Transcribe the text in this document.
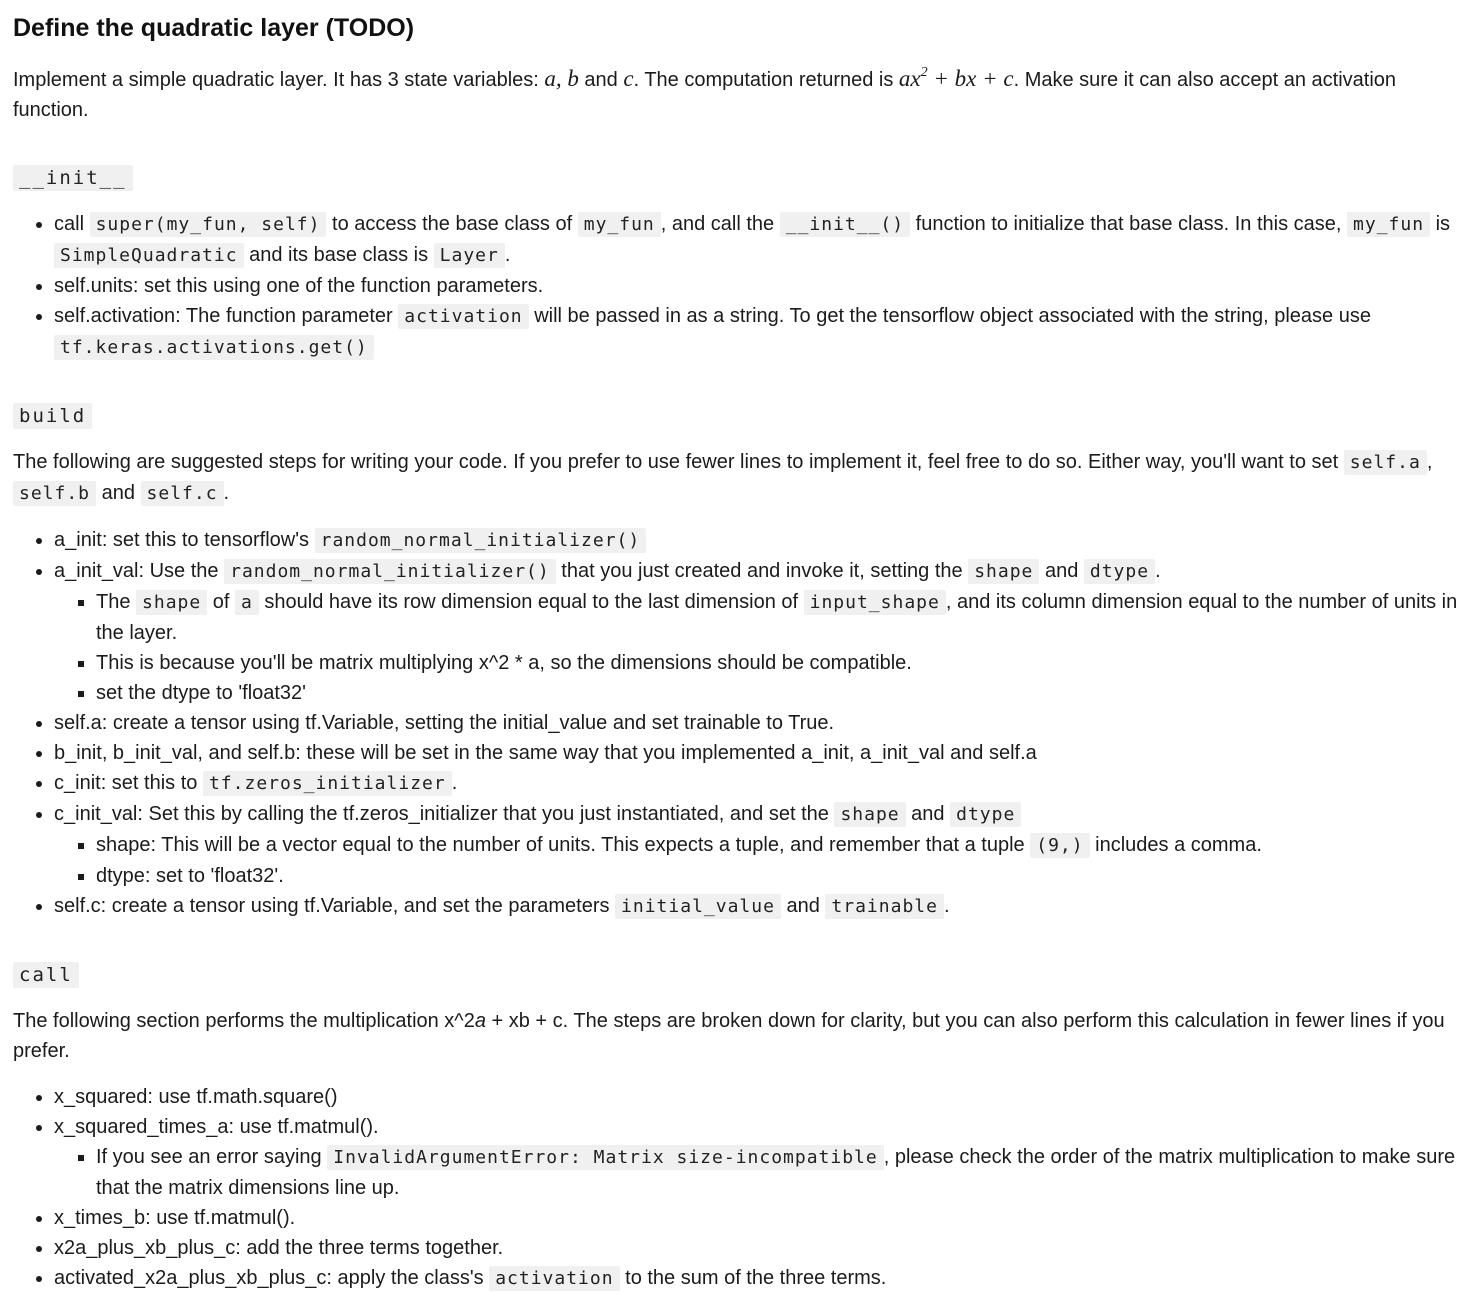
Define the quadratic layer (TODO)

Implement a simple quadratic layer. It has 3 state variables: a, b and c. The computation returned is $ax^2$ + bx + c. Make sure it can also accept an activation function.

__init__

• call super(my_fun, self) to access the base class of my_fun , and call the __init__() function to initialize that base class. In this case, my_fun is SimpleQuadratic and its base class is Layer .
• self.units: set this using one of the function parameters.
• self.activation: The function parameter activation will be passed in as a string. To get the tensorflow object associated with the string, please use tf.keras.activations.get()

build

The following are suggested steps for writing your code. If you prefer to use fewer lines to implement it, feel free to do so. Either way, you'll want to set self.a , self.b and self.c .

• a_init: set this to tensorflow's random_normal_initializer()
• a_init_val: Use the random_normal_initializer() that you just created and invoke it, setting the shape and dtype .
▪ The shape of a should have its row dimension equal to the last dimension of input_shape , and its column dimension equal to the number of units in the layer.
▪ This is because you'll be matrix multiplying x^2 * a, so the dimensions should be compatible.
▪ set the dtype to 'float32'
• self.a: create a tensor using tf.Variable, setting the initial_value and set trainable to True.
• b_init, b_init_val, and self.b: these will be set in the same way that you implemented a_init, a_init_val and self.a
• c_init: set this to tf.zeros_initializer .
• c_init_val: Set this by calling the tf.zeros_initializer that you just instantiated, and set the shape and dtype
▪ shape: This will be a vector equal to the number of units. This expects a tuple, and remember that a tuple (9,) includes a comma.
▪ dtype: set to 'float32'.
• self.c: create a tensor using tf.Variable, and set the parameters initial_value and trainable .

call

The following section performs the multiplication x^2a + xb + c. The steps are broken down for clarity, but you can also perform this calculation in fewer lines if you prefer.

• x_squared: use tf.math.square()
• x_squared_times_a: use tf.matmul().
▪ If you see an error saying InvalidArgumentError: Matrix size-incompatible , please check the order of the matrix multiplication to make sure that the matrix dimensions line up.
• x_times_b: use tf.matmul().
• x2a_plus_xb_plus_c: add the three terms together.
• activated_x2a_plus_xb_plus_c: apply the class's activation to the sum of the three terms.
